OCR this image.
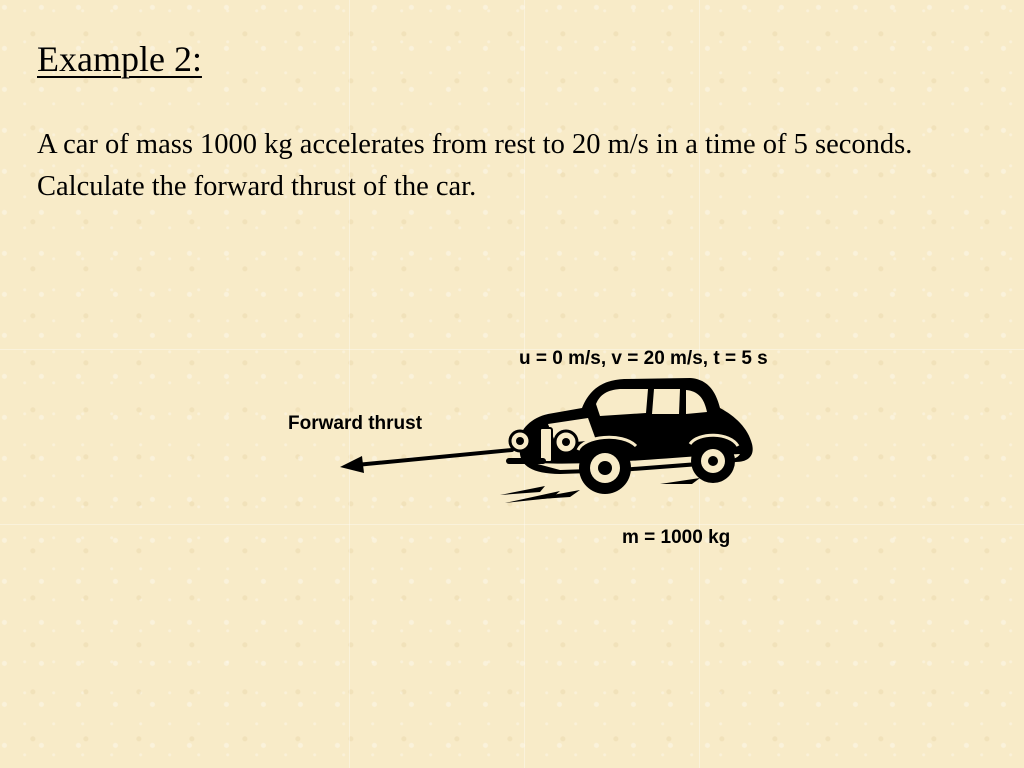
Example 2:

A car of mass 1000 kg accelerates from rest to 20 m/s in a time of 5 seconds. Calculate the forward thrust of the car.

u = 0 m/s, v = 20 m/s, t = 5 s
Forward thrust
m = 1000 kg
